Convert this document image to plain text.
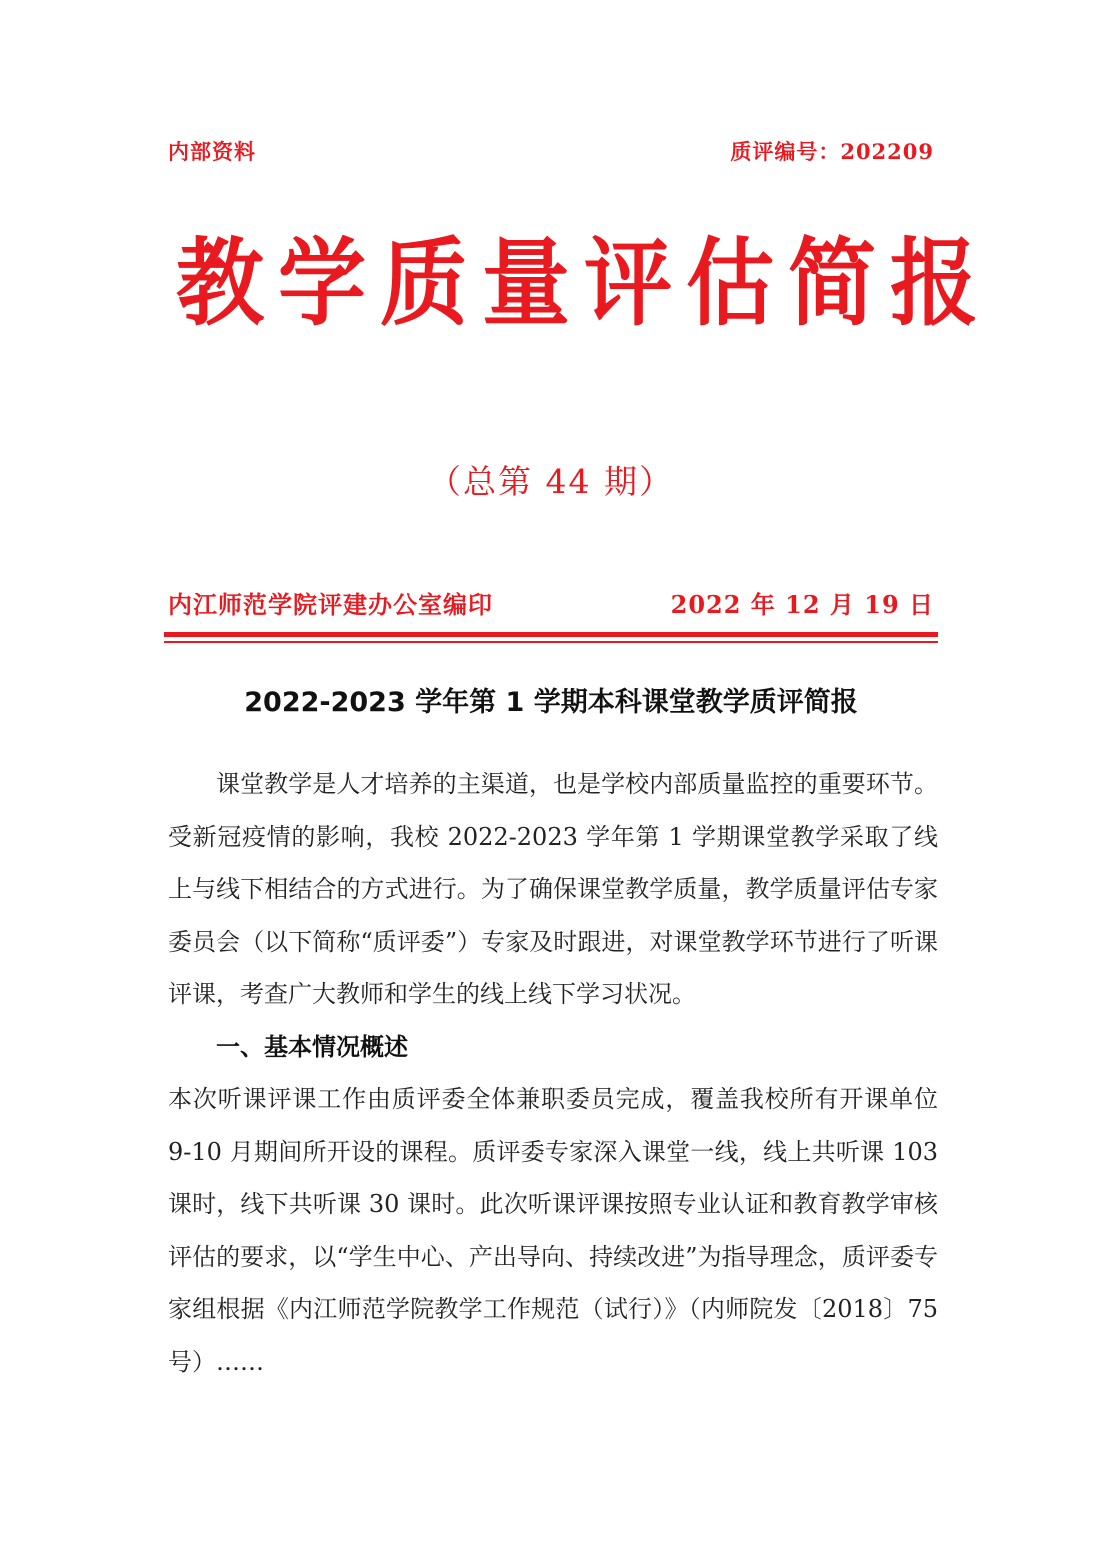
内部资料	质评编号：202209
教学质量评估简报
（总第 44 期）
内江师范学院评建办公室编印	2022 年 12 月 19 日
2022-2023 学年第 1 学期本科课堂教学质评简报

课堂教学是人才培养的主渠道，也是学校内部质量监控的重要环节。受新冠疫情的影响，我校 2022-2023 学年第 1 学期课堂教学采取了线上与线下相结合的方式进行。为了确保课堂教学质量，教学质量评估专家委员会（以下简称“质评委”）专家及时跟进，对课堂教学环节进行了听课评课，考查广大教师和学生的线上线下学习状况。

一、基本情况概述

本次听课评课工作由质评委全体兼职委员完成，覆盖我校所有开课单位 9-10 月期间所开设的课程。质评委专家深入课堂一线，线上共听课 103 课时，线下共听课 30 课时。此次听课评课按照专业认证和教育教学审核评估的要求，以“学生中心、产出导向、持续改进”为指导理念，质评委专家组根据《内江师范学院教学工作规范（试行）》（内师院发〔2018〕75 号）……
